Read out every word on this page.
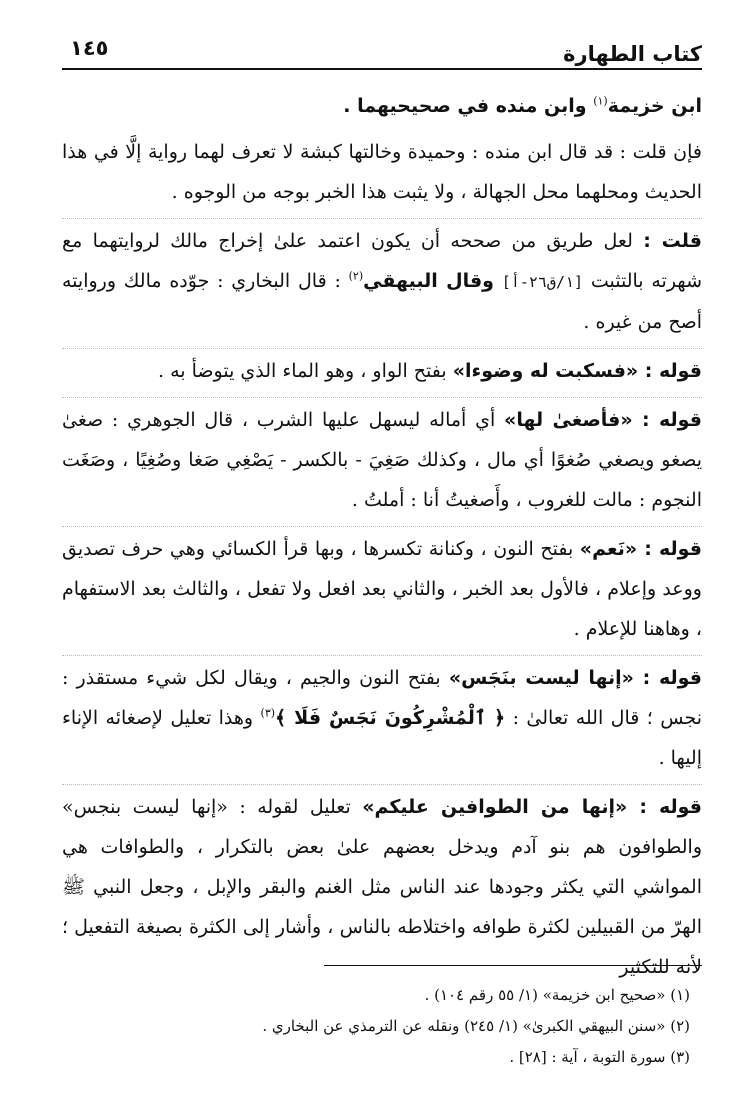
كتاب الطهارة
١٤٥

ابن خزيمة$^{(١)}$ وابن منده في صحيحيهما .

فإن قلت : قد قال ابن منده : وحميدة وخالتها كبشة لا تعرف لهما رواية إلَّا في هذا الحديث ومحلهما محل الجهالة ، ولا يثبت هذا الخبر بوجه من الوجوه .

قلت : لعل طريق من صححه أن يكون اعتمد علىٰ إخراج مالك لروايتهما مع شهرته بالتثبت [١/ق٢٦-أ] وقال البيهقي$^{(٢)}$ : قال البخاري : جوّده مالك وروايته أصح من غيره .

قوله : «فسكبت له وضوءا» بفتح الواو ، وهو الماء الذي يتوضأ به .

قوله : «فأصغىٰ لها» أي أماله ليسهل عليها الشرب ، قال الجوهري : صغىٰ يصغو ويصغي صُغوًا أي مال ، وكذلك صَغِيَ - بالكسر - يَصْغِي صَغا وصُغِيًا ، وصَغَت النجوم : مالت للغروب ، وأَصغيتُ أنا : أملتُ .

قوله : «نَعم» بفتح النون ، وكنانة تكسرها ، وبها قرأ الكسائي وهي حرف تصديق ووعد وإعلام ، فالأول بعد الخبر ، والثاني بعد افعل ولا تفعل ، والثالث بعد الاستفهام ، وهاهنا للإعلام .

قوله : «إنها ليست بنَجَس» بفتح النون والجيم ، ويقال لكل شيء مستقذر : نجس ؛ قال الله تعالىٰ : ﴿ ٱلْمُشْرِكُونَ نَجَسٌ فَلَا ﴾$^{(٣)}$ وهذا تعليل لإصغائه الإناء إليها .

قوله : «إنها من الطوافين عليكم» تعليل لقوله : «إنها ليست بنجس» والطوافون هم بنو آدم ويدخل بعضهم علىٰ بعض بالتكرار ، والطوافات هي المواشي التي يكثر وجودها عند الناس مثل الغنم والبقر والإبل ، وجعل النبي ﷺ الهرّ من القبيلين لكثرة طوافه واختلاطه بالناس ، وأشار إلى الكثرة بصيغة التفعيل ؛ لأنه للتكثير

(١) «صحيح ابن خزيمة» (١/ ٥٥ رقم ١٠٤) .

(٢) «سنن البيهقي الكبرىٰ» (١/ ٢٤٥) ونقله عن الترمذي عن البخاري .

(٣) سورة التوبة ، آية : [٢٨] .
